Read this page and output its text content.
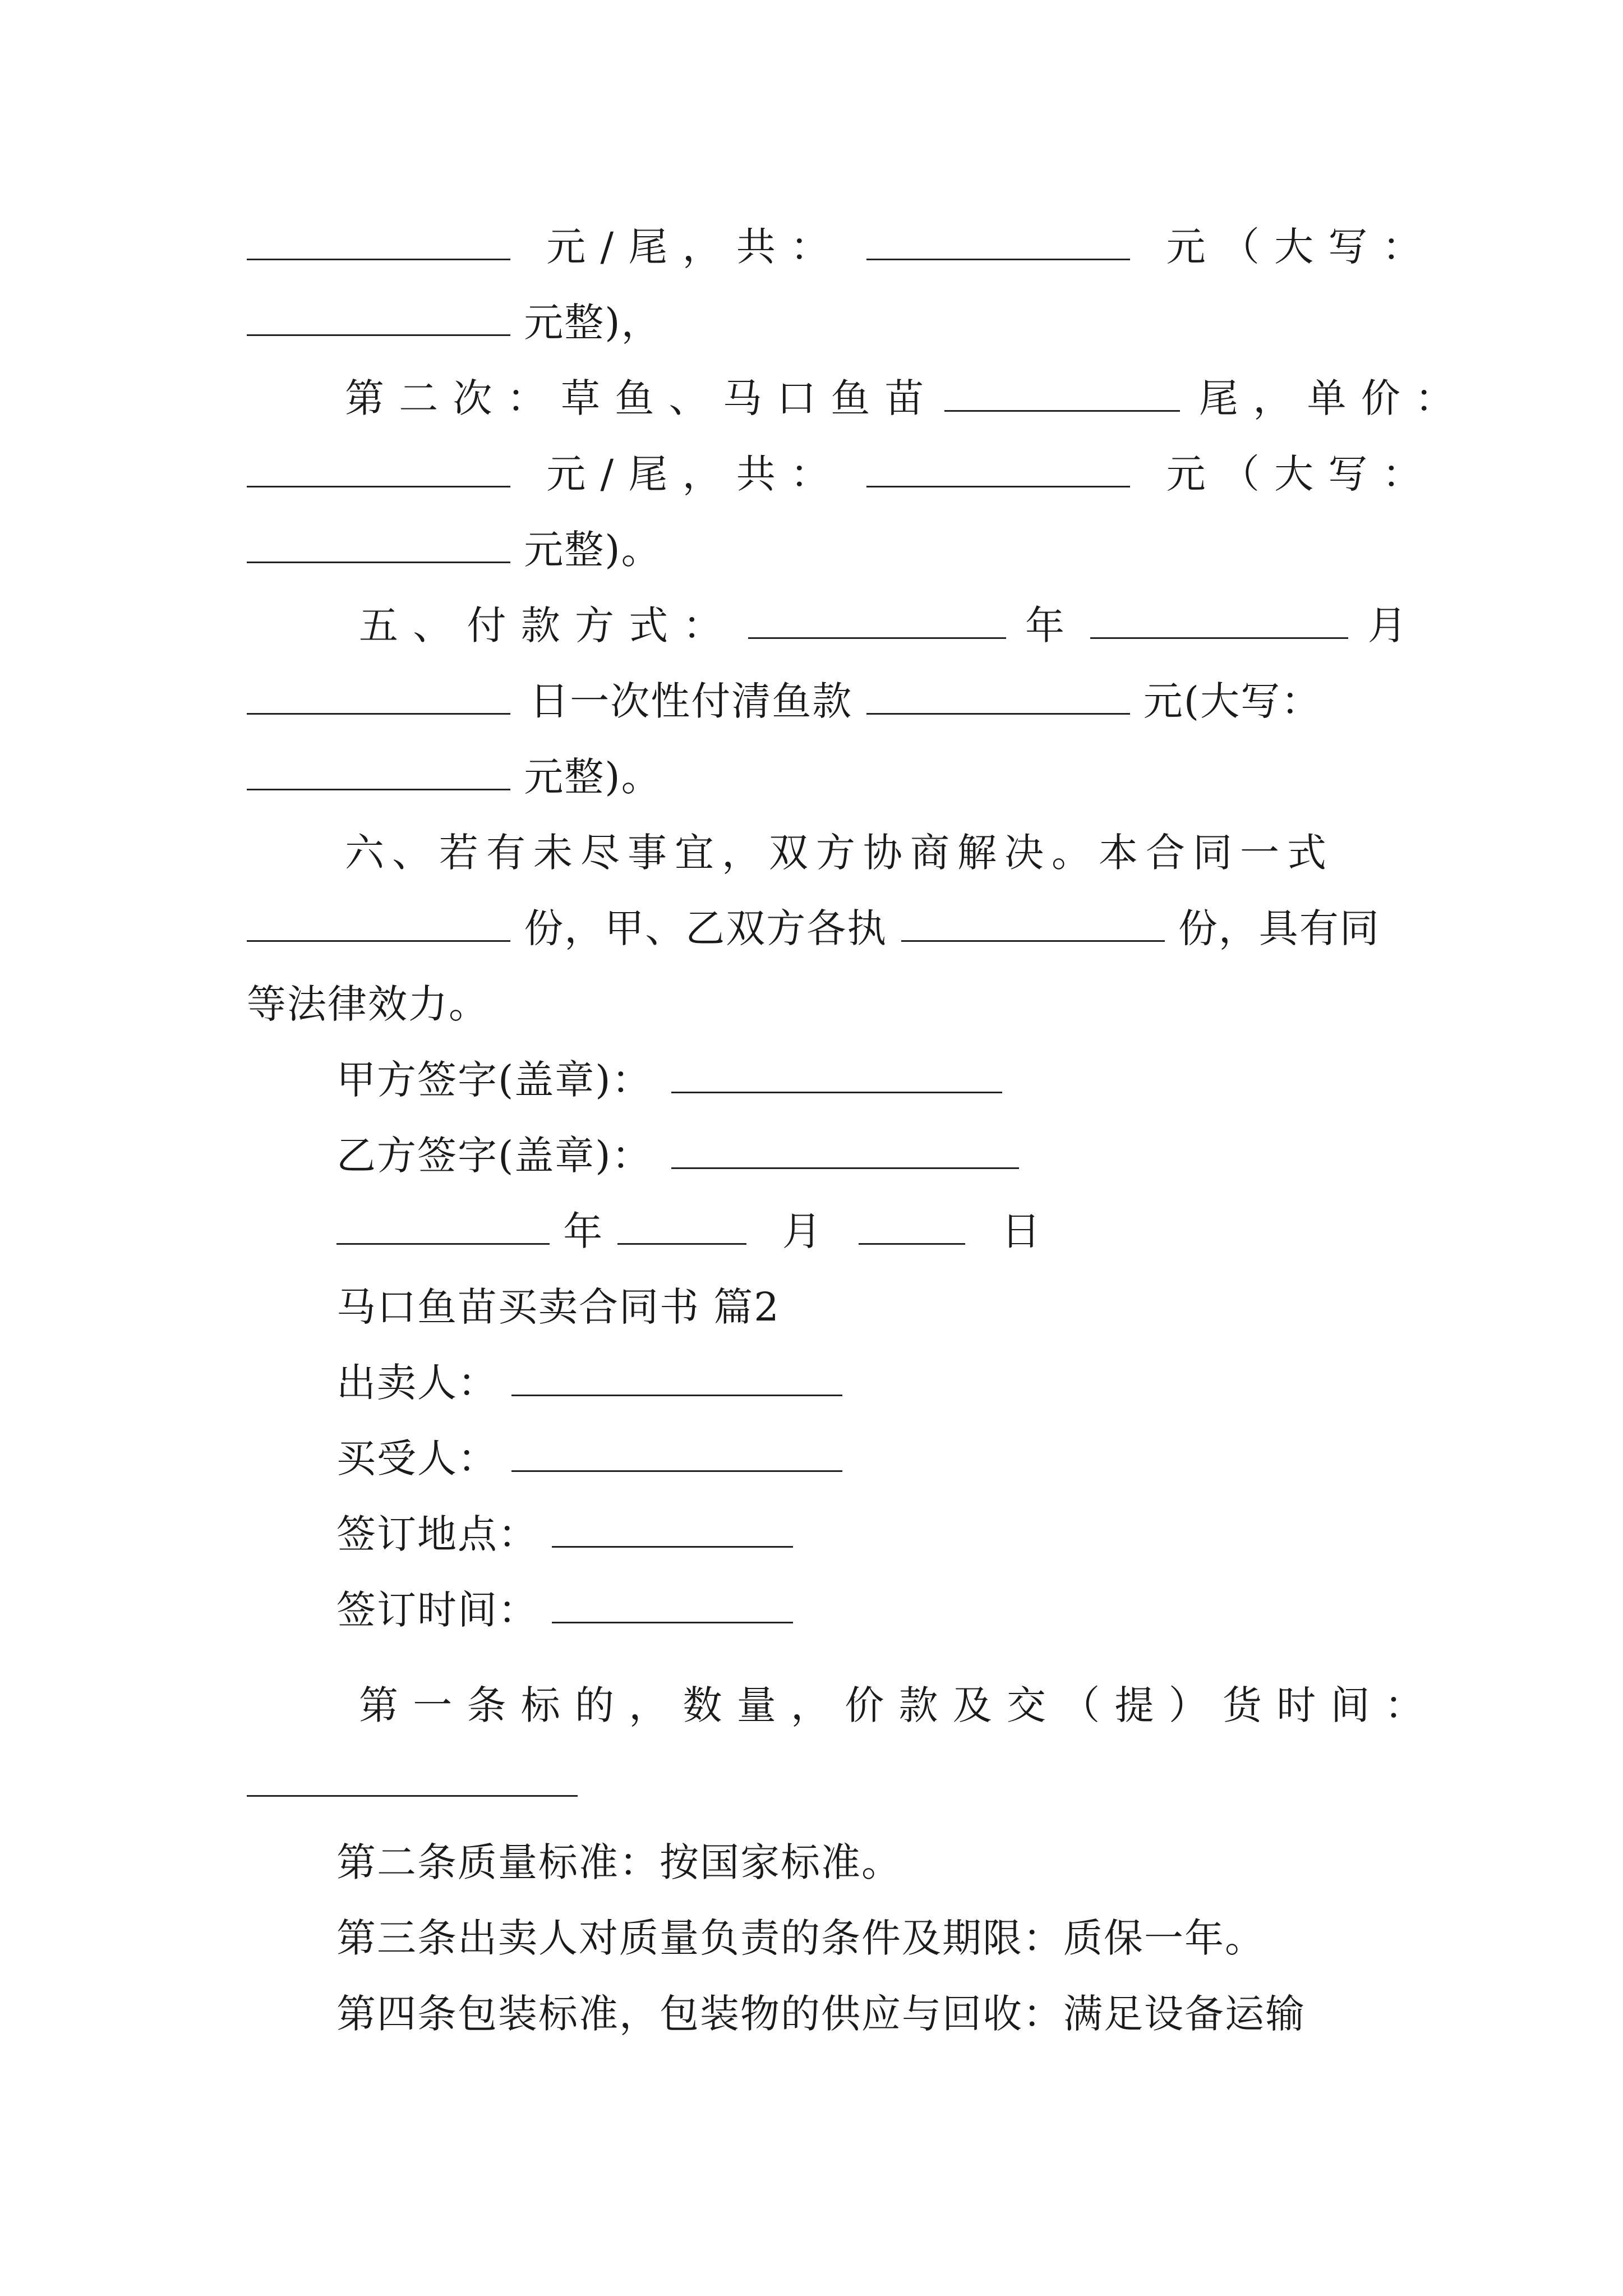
元 / 尾 ， 共 ：	元 （ 大 写 ：
元整)，
第 二 次 ： 草 鱼 、 马 口 鱼 苗	尾 ， 单 价 ：
元 / 尾 ， 共 ：	元 （ 大 写 ：
元整)。
五 、 付 款 方 式 ：	年	月
日一次性付清鱼款	元(大写：
元整)。
六、若有未尽事宜，双方协商解决。本合同一式
份，甲、乙双方各执	份，具有同
等法律效力。
甲方签字(盖章)：
乙方签字(盖章)：
年	月	日
马口鱼苗买卖合同书 篇2
出卖人：
买受人：
签订地点：
签订时间：
第 一 条 标 的 ， 数 量 ， 价 款 及 交 （ 提 ） 货 时 间 ：
第二条质量标准：按国家标准。
第三条出卖人对质量负责的条件及期限：质保一年。
第四条包装标准，包装物的供应与回收：满足设备运输
